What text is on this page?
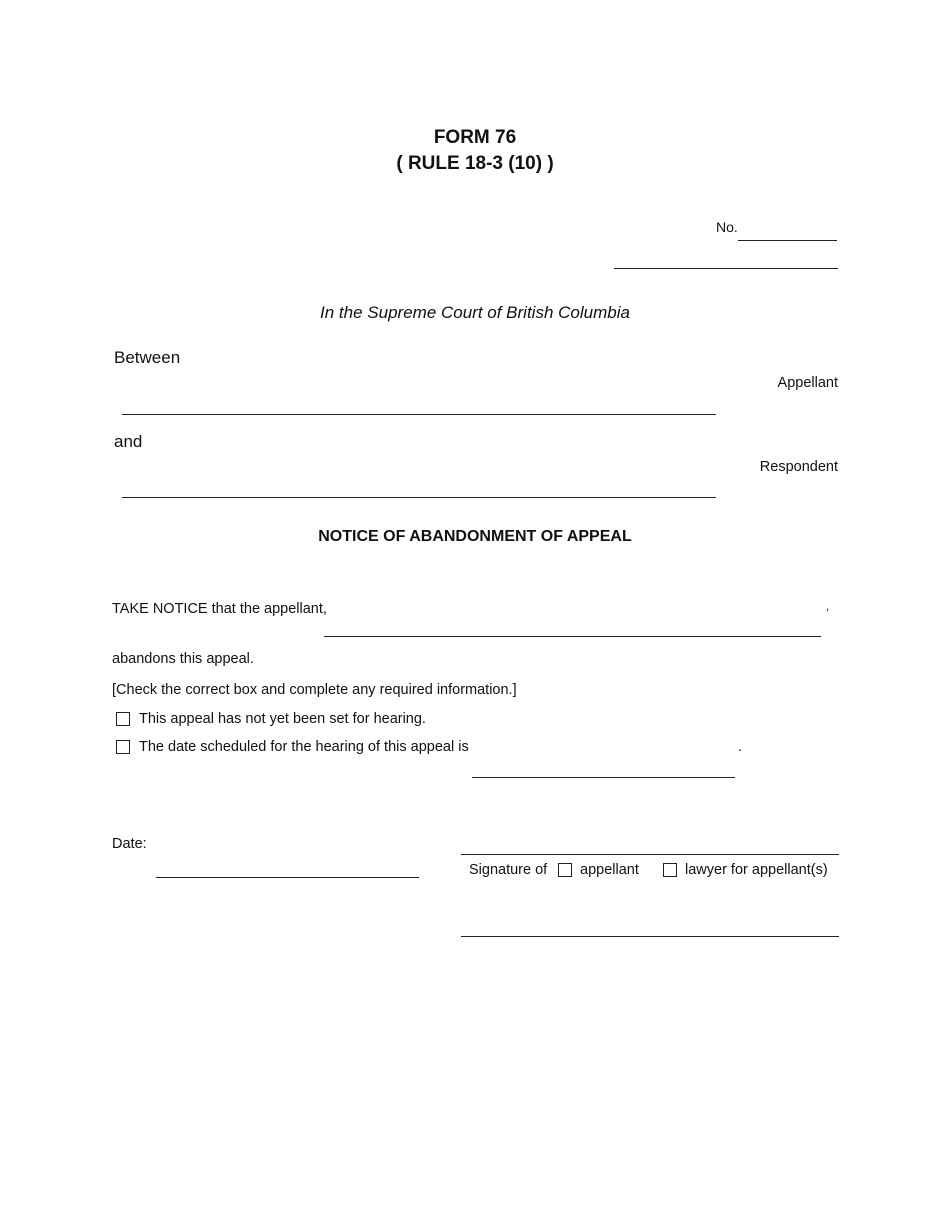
FORM 76
( RULE 18-3 (10) )
No.
In the Supreme Court of British Columbia
Between
Appellant
and
Respondent
NOTICE OF ABANDONMENT OF APPEAL
TAKE NOTICE that the appellant,	,
abandons this appeal.
[Check the correct box and complete any required information.]
This appeal has not yet been set for hearing.
The date scheduled for the hearing of this appeal is	.
Date:
Signature of appellant	lawyer for appellant(s)
